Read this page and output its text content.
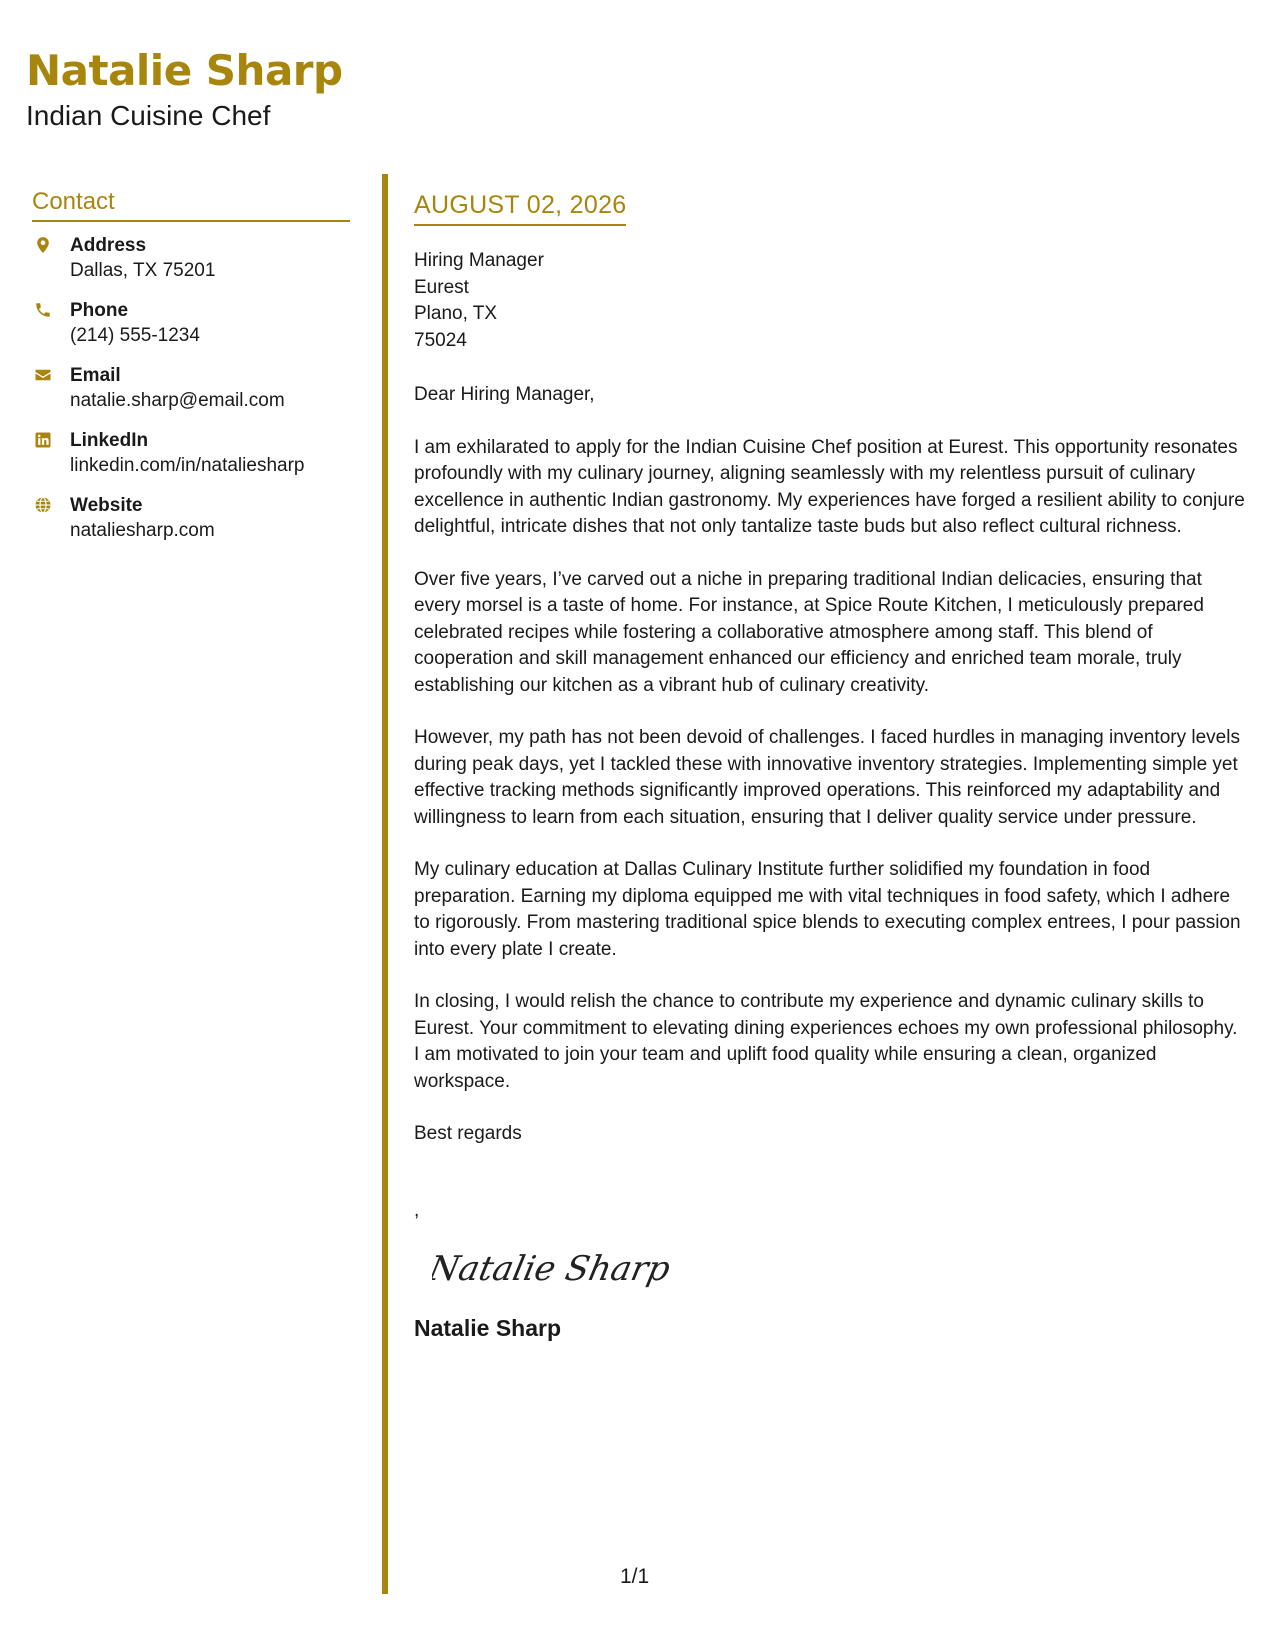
Natalie Sharp
Indian Cuisine Chef
Contact
Address
Dallas, TX 75201
Phone
(214) 555-1234
Email
natalie.sharp@email.com
LinkedIn
linkedin.com/in/nataliesharp
Website
nataliesharp.com
AUGUST 02, 2026
Hiring Manager
Eurest
Plano, TX
75024
Dear Hiring Manager,
I am exhilarated to apply for the Indian Cuisine Chef position at Eurest. This opportunity resonates profoundly with my culinary journey, aligning seamlessly with my relentless pursuit of culinary excellence in authentic Indian gastronomy. My experiences have forged a resilient ability to conjure delightful, intricate dishes that not only tantalize taste buds but also reflect cultural richness.
Over five years, I’ve carved out a niche in preparing traditional Indian delicacies, ensuring that every morsel is a taste of home. For instance, at Spice Route Kitchen, I meticulously prepared celebrated recipes while fostering a collaborative atmosphere among staff. This blend of cooperation and skill management enhanced our efficiency and enriched team morale, truly establishing our kitchen as a vibrant hub of culinary creativity.
However, my path has not been devoid of challenges. I faced hurdles in managing inventory levels during peak days, yet I tackled these with innovative inventory strategies. Implementing simple yet effective tracking methods significantly improved operations. This reinforced my adaptability and willingness to learn from each situation, ensuring that I deliver quality service under pressure.
My culinary education at Dallas Culinary Institute further solidified my foundation in food preparation. Earning my diploma equipped me with vital techniques in food safety, which I adhere to rigorously. From mastering traditional spice blends to executing complex entrees, I pour passion into every plate I create.
In closing, I would relish the chance to contribute my experience and dynamic culinary skills to Eurest. Your commitment to elevating dining experiences echoes my own professional philosophy. I am motivated to join your team and uplift food quality while ensuring a clean, organized workspace.
Best regards
,
Natalie Sharp
Natalie Sharp
1/1
